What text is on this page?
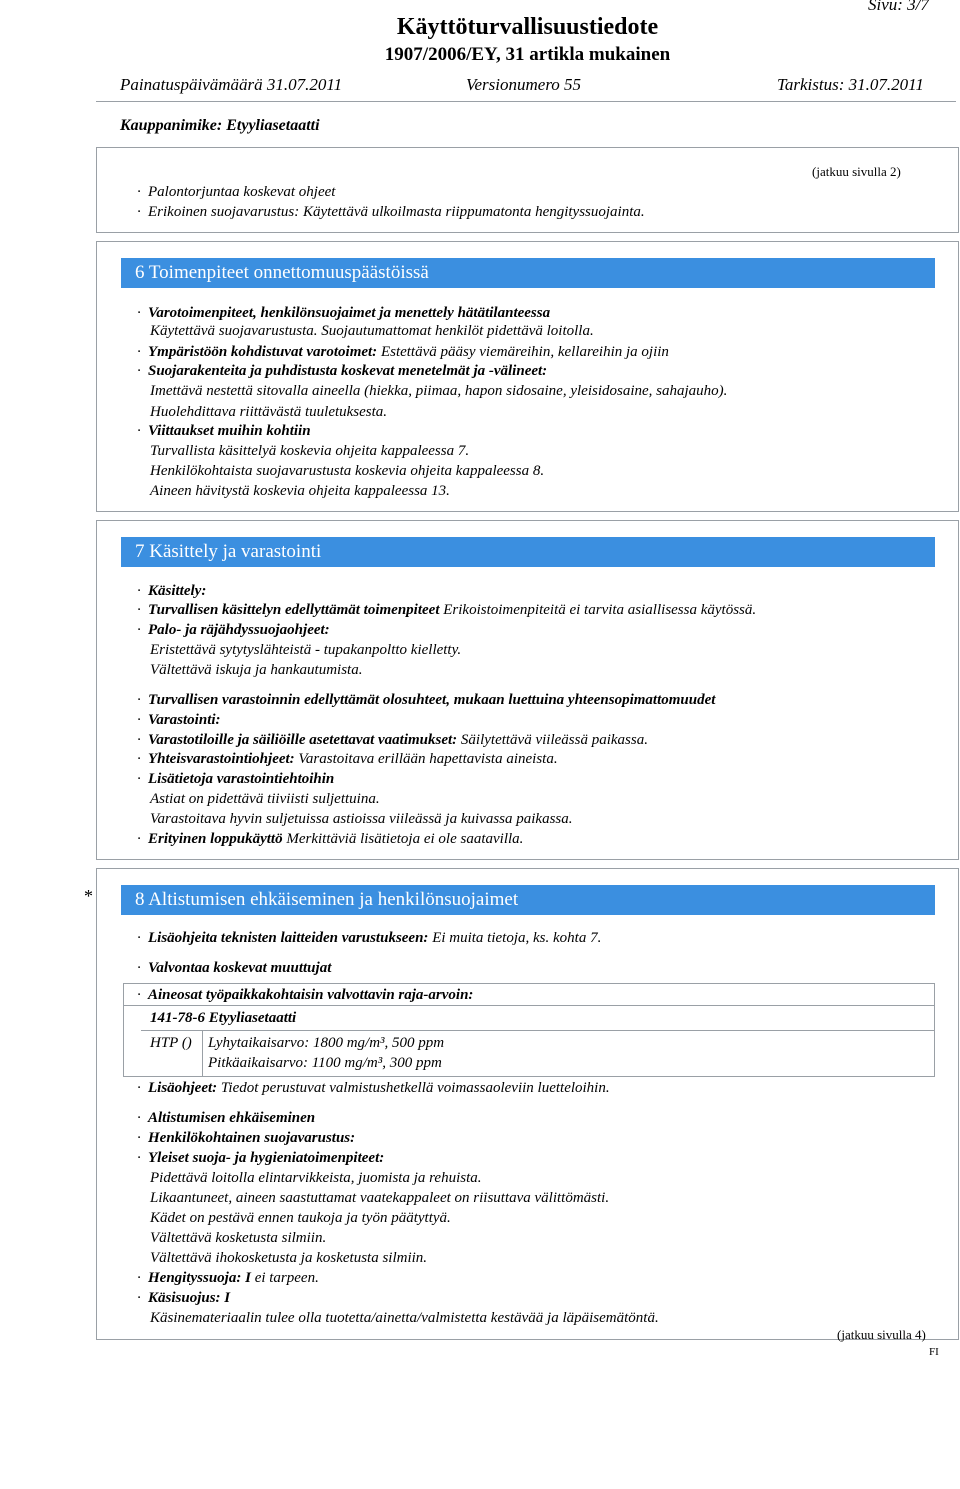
Käyttöturvallisuustiedote
1907/2006/EY, 31 artikla mukainen
Sivu: 3/7
Painatuspäivämäärä 31.07.2011	Versionumero 55	Tarkistus: 31.07.2011
Kauppanimike: Etyyliasetaatti
(jatkuu sivulla 2)
· Palontorjuntaa koskevat ohjeet
· Erikoinen suojavarustus: Käytettävä ulkoilmasta riippumatonta hengityssuojainta.
6 Toimenpiteet onnettomuuspäästöissä
· Varotoimenpiteet, henkilönsuojaimet ja menettely hätätilanteessa
Käytettävä suojavarustusta. Suojautumattomat henkilöt pidettävä loitolla.
· Ympäristöön kohdistuvat varotoimet: Estettävä pääsy viemäreihin, kellareihin ja ojiin
· Suojarakenteita ja puhdistusta koskevat menetelmät ja -välineet:
Imettävä nestettä sitovalla aineella (hiekka, piimaa, hapon sidosaine, yleisidosaine, sahajauho).
Huolehdittava riittävästä tuuletuksesta.
· Viittaukset muihin kohtiin
Turvallista käsittelyä koskevia ohjeita kappaleessa 7.
Henkilökohtaista suojavarustusta koskevia ohjeita kappaleessa 8.
Aineen hävitystä koskevia ohjeita kappaleessa 13.
7 Käsittely ja varastointi
· Käsittely:
· Turvallisen käsittelyn edellyttämät toimenpiteet Erikoistoimenpiteitä ei tarvita asiallisessa käytössä.
· Palo- ja räjähdyssuojaohjeet:
Eristettävä sytytyslähteistä - tupakanpoltto kielletty.
Vältettävä iskuja ja hankautumista.
· Turvallisen varastoinnin edellyttämät olosuhteet, mukaan luettuina yhteensopimattomuudet
· Varastointi:
· Varastotiloille ja säiliöille asetettavat vaatimukset: Säilytettävä viileässä paikassa.
· Yhteisvarastointiohjeet: Varastoitava erillään hapettavista aineista.
· Lisätietoja varastointiehtoihin
Astiat on pidettävä tiiviisti suljettuina.
Varastoitava hyvin suljetuissa astioissa viileässä ja kuivassa paikassa.
· Erityinen loppukäyttö Merkittäviä lisätietoja ei ole saatavilla.
*	8 Altistumisen ehkäiseminen ja henkilönsuojaimet
· Lisäohjeita teknisten laitteiden varustukseen: Ei muita tietoja, ks. kohta 7.
· Valvontaa koskevat muuttujat
· Aineosat työpaikkakohtaisin valvottavin raja-arvoin:
141-78-6 Etyyliasetaatti
HTP () Lyhytaikaisarvo: 1800 mg/m³, 500 ppm
Pitkäaikaisarvo: 1100 mg/m³, 300 ppm
· Lisäohjeet: Tiedot perustuvat valmistushetkellä voimassaoleviin luetteloihin.
· Altistumisen ehkäiseminen
· Henkilökohtainen suojavarustus:
· Yleiset suoja- ja hygieniatoimenpiteet:
Pidettävä loitolla elintarvikkeista, juomista ja rehuista.
Likaantuneet, aineen saastuttamat vaatekappaleet on riisuttava välittömästi.
Kädet on pestävä ennen taukoja ja työn päätyttyä.
Vältettävä kosketusta silmiin.
Vältettävä ihokosketusta ja kosketusta silmiin.
· Hengityssuoja: I ei tarpeen.
· Käsisuojus: I
Käsinemateriaalin tulee olla tuotetta/ainetta/valmistetta kestävää ja läpäisemätöntä.
(jatkuu sivulla 4)
FI
